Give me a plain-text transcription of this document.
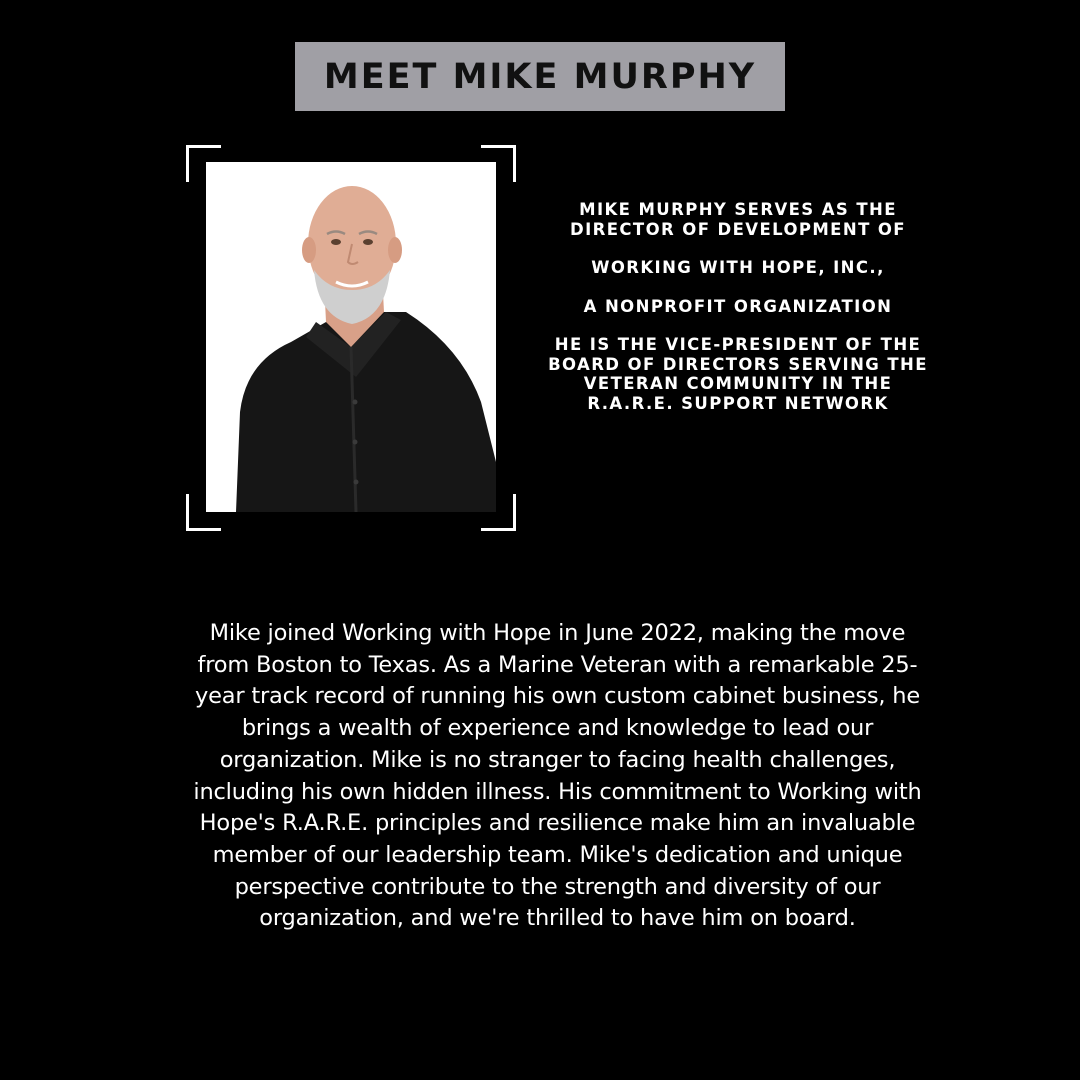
MEET MIKE MURPHY

MIKE MURPHY SERVES AS THE DIRECTOR OF DEVELOPMENT OF

WORKING WITH HOPE, INC.,

A NONPROFIT ORGANIZATION

HE IS THE VICE-PRESIDENT OF THE BOARD OF DIRECTORS SERVING THE VETERAN COMMUNITY IN THE R.A.R.E. SUPPORT NETWORK

Mike joined Working with Hope in June 2022, making the move from Boston to Texas. As a Marine Veteran with a remarkable 25-year track record of running his own custom cabinet business, he brings a wealth of experience and knowledge to lead our organization. Mike is no stranger to facing health challenges, including his own hidden illness. His commitment to Working with Hope's R.A.R.E. principles and resilience make him an invaluable member of our leadership team. Mike's dedication and unique perspective contribute to the strength and diversity of our organization, and we're thrilled to have him on board.
